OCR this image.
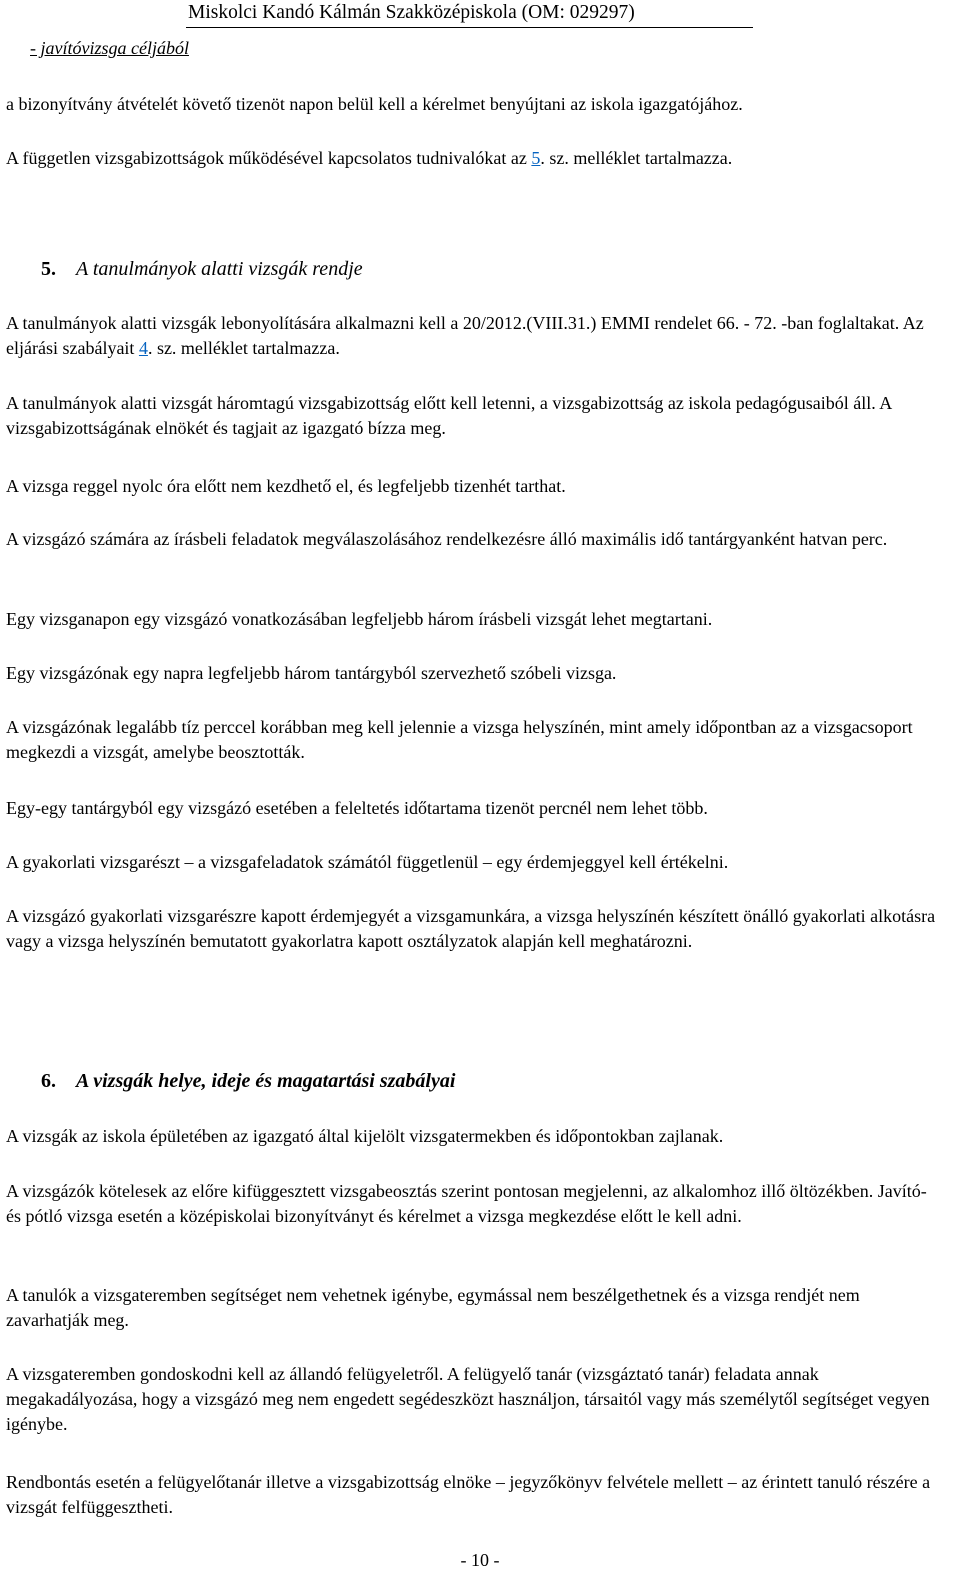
Miskolci Kandó Kálmán Szakközépiskola (OM: 029297)
- javítóvizsga céljából

a bizonyítvány átvételét követő tizenöt napon belül kell a kérelmet benyújtani az iskola igazgatójához.

A független vizsgabizottságok működésével kapcsolatos tudnivalókat az 5. sz. melléklet tartalmazza.

5. A tanulmányok alatti vizsgák rendje

A tanulmányok alatti vizsgák lebonyolítására alkalmazni kell a 20/2012.(VIII.31.) EMMI rendelet 66. - 72. -ban foglaltakat. Az eljárási szabályait 4. sz. melléklet tartalmazza.

A tanulmányok alatti vizsgát háromtagú vizsgabizottság előtt kell letenni, a vizsgabizottság az iskola pedagógusaiból áll. A vizsgabizottságának elnökét és tagjait az igazgató bízza meg.

A vizsga reggel nyolc óra előtt nem kezdhető el, és legfeljebb tizenhét tarthat.

A vizsgázó számára az írásbeli feladatok megválaszolásához rendelkezésre álló maximális idő tantárgyanként hatvan perc.

Egy vizsganapon egy vizsgázó vonatkozásában legfeljebb három írásbeli vizsgát lehet megtartani.

Egy vizsgázónak egy napra legfeljebb három tantárgyból szervezhető szóbeli vizsga.

A vizsgázónak legalább tíz perccel korábban meg kell jelennie a vizsga helyszínén, mint amely időpontban az a vizsgacsoport megkezdi a vizsgát, amelybe beosztották.

Egy-egy tantárgyból egy vizsgázó esetében a feleltetés időtartama tizenöt percnél nem lehet több.

A gyakorlati vizsgarészt – a vizsgafeladatok számától függetlenül – egy érdemjeggyel kell értékelni.

A vizsgázó gyakorlati vizsgarészre kapott érdemjegyét a vizsgamunkára, a vizsga helyszínén készített önálló gyakorlati alkotásra vagy a vizsga helyszínén bemutatott gyakorlatra kapott osztályzatok alapján kell meghatározni.

6. A vizsgák helye, ideje és magatartási szabályai

A vizsgák az iskola épületében az igazgató által kijelölt vizsgatermekben és időpontokban zajlanak.

A vizsgázók kötelesek az előre kifüggesztett vizsgabeosztás szerint pontosan megjelenni, az alkalomhoz illő öltözékben. Javító- és pótló vizsga esetén a középiskolai bizonyítványt és kérelmet a vizsga megkezdése előtt le kell adni.

A tanulók a vizsgateremben segítséget nem vehetnek igénybe, egymással nem beszélgethetnek és a vizsga rendjét nem zavarhatják meg.

A vizsgateremben gondoskodni kell az állandó felügyeletről. A felügyelő tanár (vizsgáztató tanár) feladata annak megakadályozása, hogy a vizsgázó meg nem engedett segédeszközt használjon, társaitól vagy más személytől segítséget vegyen igénybe.

Rendbontás esetén a felügyelőtanár illetve a vizsgabizottság elnöke – jegyzőkönyv felvétele mellett – az érintett tanuló részére a vizsgát felfüggesztheti.

- 10 -
